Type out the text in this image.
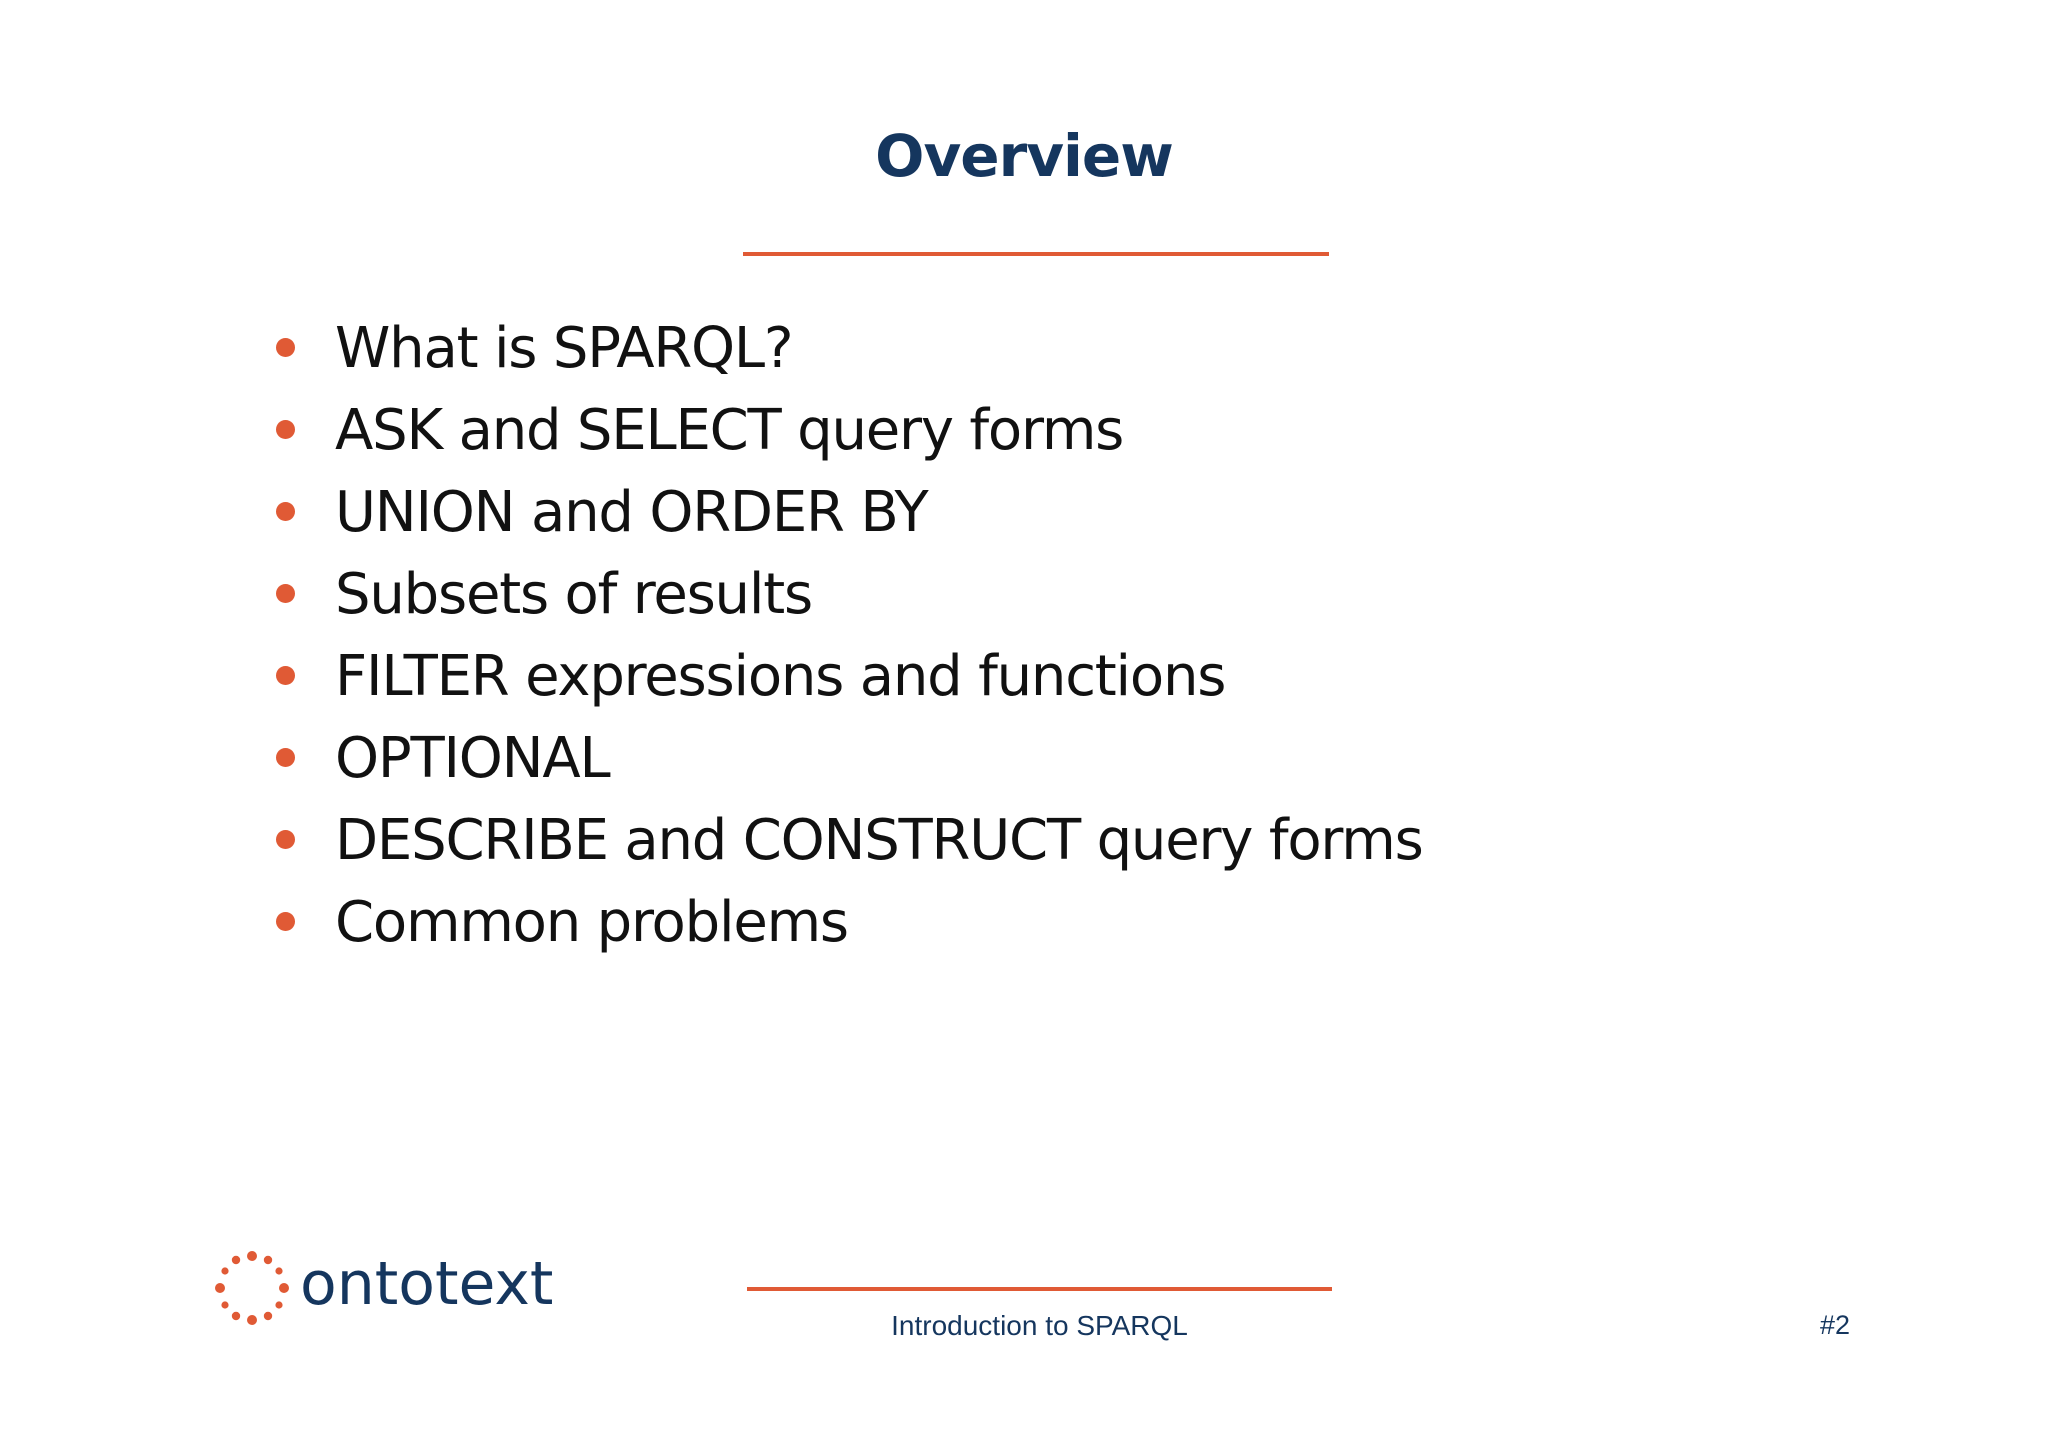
Overview
What is SPARQL?
ASK and SELECT query forms
UNION and ORDER BY
Subsets of results
FILTER expressions and functions
OPTIONAL
DESCRIBE and CONSTRUCT query forms
Common problems
ontotext
Introduction to SPARQL	#2
